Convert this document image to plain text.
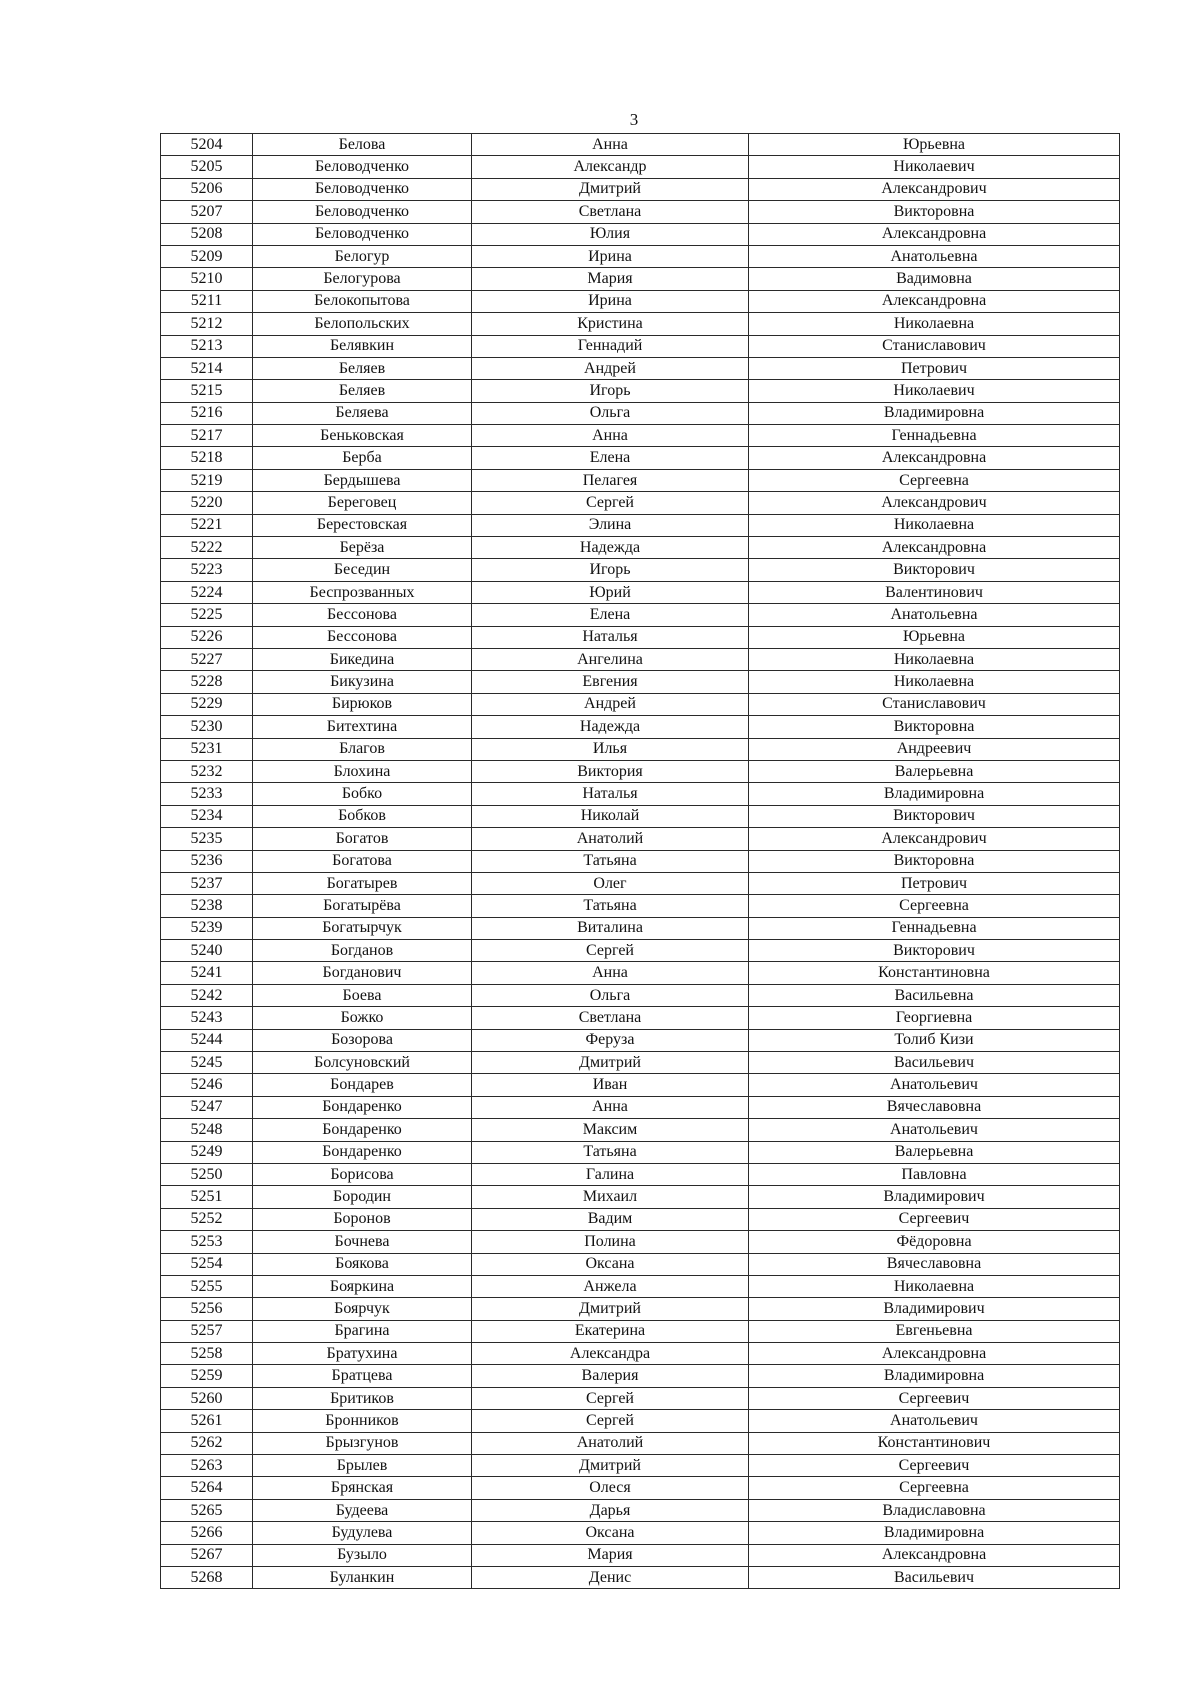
3
5204	Белова	Анна	Юрьевна
5205	Беловодченко	Александр	Николаевич
5206	Беловодченко	Дмитрий	Александрович
5207	Беловодченко	Светлана	Викторовна
5208	Беловодченко	Юлия	Александровна
5209	Белогур	Ирина	Анатольевна
5210	Белогурова	Мария	Вадимовна
5211	Белокопытова	Ирина	Александровна
5212	Белопольских	Кристина	Николаевна
5213	Белявкин	Геннадий	Станиславович
5214	Беляев	Андрей	Петрович
5215	Беляев	Игорь	Николаевич
5216	Беляева	Ольга	Владимировна
5217	Беньковская	Анна	Геннадьевна
5218	Берба	Елена	Александровна
5219	Бердышева	Пелагея	Сергеевна
5220	Береговец	Сергей	Александрович
5221	Берестовская	Элина	Николаевна
5222	Берёза	Надежда	Александровна
5223	Беседин	Игорь	Викторович
5224	Беспрозванных	Юрий	Валентинович
5225	Бессонова	Елена	Анатольевна
5226	Бессонова	Наталья	Юрьевна
5227	Бикедина	Ангелина	Николаевна
5228	Бикузина	Евгения	Николаевна
5229	Бирюков	Андрей	Станиславович
5230	Битехтина	Надежда	Викторовна
5231	Благов	Илья	Андреевич
5232	Блохина	Виктория	Валерьевна
5233	Бобко	Наталья	Владимировна
5234	Бобков	Николай	Викторович
5235	Богатов	Анатолий	Александрович
5236	Богатова	Татьяна	Викторовна
5237	Богатырев	Олег	Петрович
5238	Богатырёва	Татьяна	Сергеевна
5239	Богатырчук	Виталина	Геннадьевна
5240	Богданов	Сергей	Викторович
5241	Богданович	Анна	Константиновна
5242	Боева	Ольга	Васильевна
5243	Божко	Светлана	Георгиевна
5244	Бозорова	Феруза	Толиб Кизи
5245	Болсуновский	Дмитрий	Васильевич
5246	Бондарев	Иван	Анатольевич
5247	Бондаренко	Анна	Вячеславовна
5248	Бондаренко	Максим	Анатольевич
5249	Бондаренко	Татьяна	Валерьевна
5250	Борисова	Галина	Павловна
5251	Бородин	Михаил	Владимирович
5252	Боронов	Вадим	Сергеевич
5253	Бочнева	Полина	Фёдоровна
5254	Боякова	Оксана	Вячеславовна
5255	Бояркина	Анжела	Николаевна
5256	Боярчук	Дмитрий	Владимирович
5257	Брагина	Екатерина	Евгеньевна
5258	Братухина	Александра	Александровна
5259	Братцева	Валерия	Владимировна
5260	Бритиков	Сергей	Сергеевич
5261	Бронников	Сергей	Анатольевич
5262	Брызгунов	Анатолий	Константинович
5263	Брылев	Дмитрий	Сергеевич
5264	Брянская	Олеся	Сергеевна
5265	Будеева	Дарья	Владиславовна
5266	Будулева	Оксана	Владимировна
5267	Бузыло	Мария	Александровна
5268	Буланкин	Денис	Васильевич
